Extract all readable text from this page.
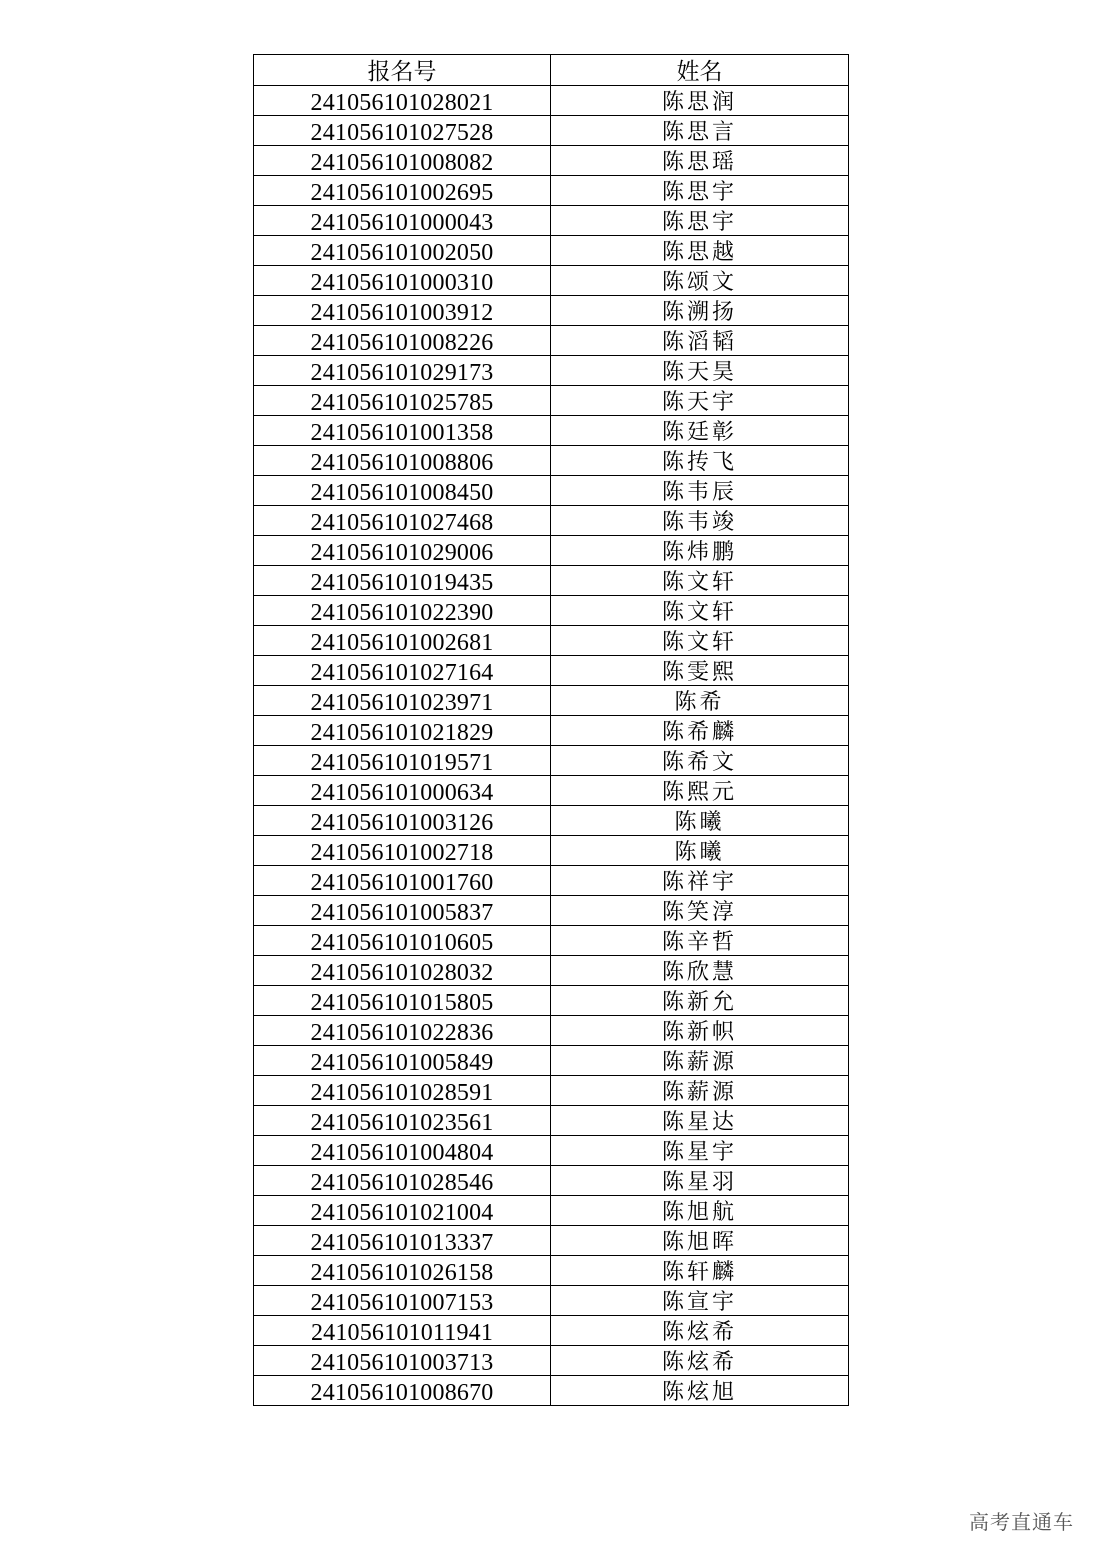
报名号	姓名
241056101028021	陈思润
241056101027528	陈思言
241056101008082	陈思瑶
241056101002695	陈思宇
241056101000043	陈思宇
241056101002050	陈思越
241056101000310	陈颂文
241056101003912	陈溯扬
241056101008226	陈滔韬
241056101029173	陈天昊
241056101025785	陈天宇
241056101001358	陈廷彰
241056101008806	陈抟飞
241056101008450	陈韦辰
241056101027468	陈韦竣
241056101029006	陈炜鹏
241056101019435	陈文轩
241056101022390	陈文轩
241056101002681	陈文轩
241056101027164	陈雯熙
241056101023971	陈希
241056101021829	陈希麟
241056101019571	陈希文
241056101000634	陈熙元
241056101003126	陈曦
241056101002718	陈曦
241056101001760	陈祥宇
241056101005837	陈笑淳
241056101010605	陈辛哲
241056101028032	陈欣慧
241056101015805	陈新允
241056101022836	陈新帜
241056101005849	陈薪源
241056101028591	陈薪源
241056101023561	陈星达
241056101004804	陈星宇
241056101028546	陈星羽
241056101021004	陈旭航
241056101013337	陈旭晖
241056101026158	陈轩麟
241056101007153	陈宣宇
241056101011941	陈炫希
241056101003713	陈炫希
241056101008670	陈炫旭
高考直通车
